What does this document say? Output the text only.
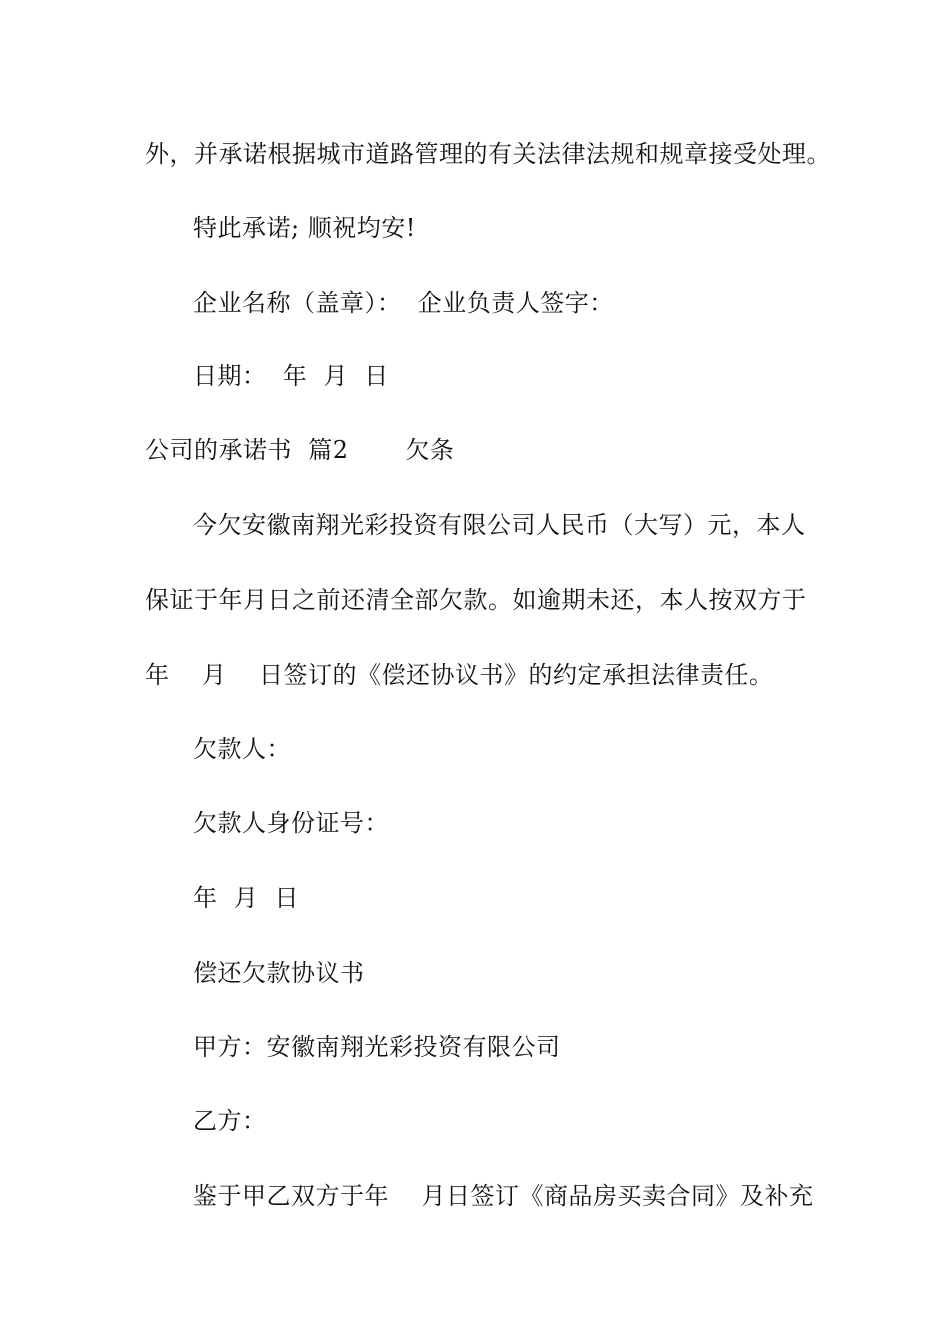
外，并承诺根据城市道路管理的有关法律法规和规章接受处理。
特此承诺; 顺祝均安!
企业名称（盖章）：  企业负责人签字：
日期：  年  月  日
公司的承诺书  篇2       欠条
今欠安徽南翔光彩投资有限公司人民币（大写）元，本人
保证于年月日之前还清全部欠款。如逾期未还，本人按双方于
年    月    日签订的《偿还协议书》的约定承担法律责任。
欠款人：
欠款人身份证号：
年  月  日
偿还欠款协议书
甲方：安徽南翔光彩投资有限公司
乙方：
鉴于甲乙双方于年    月日签订《商品房买卖合同》及补充
